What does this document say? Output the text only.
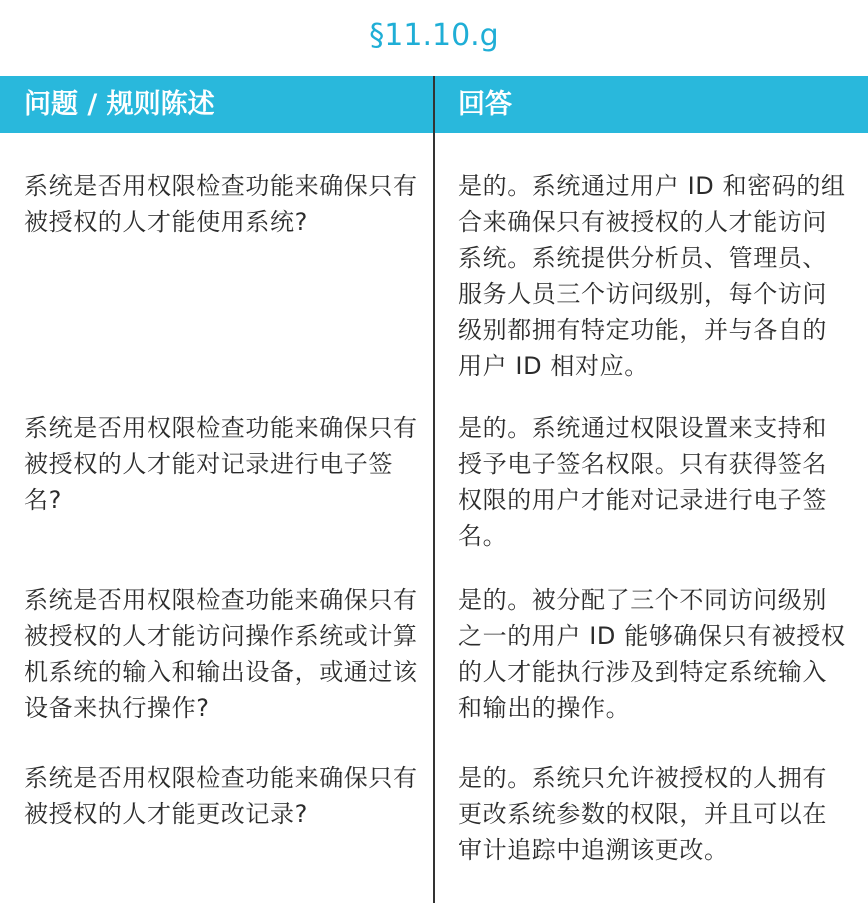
§11.10.g
问题 / 规则陈述	回答
系统是否用权限检查功能来确保只有被授权的人才能使用系统?
是的。系统通过用户 ID 和密码的组合来确保只有被授权的人才能访问系统。系统提供分析员、管理员、服务人员三个访问级别，每个访问级别都拥有特定功能，并与各自的用户 ID 相对应。
系统是否用权限检查功能来确保只有被授权的人才能对记录进行电子签名?
是的。系统通过权限设置来支持和授予电子签名权限。只有获得签名权限的用户才能对记录进行电子签名。
系统是否用权限检查功能来确保只有被授权的人才能访问操作系统或计算机系统的输入和输出设备，或通过该设备来执行操作?
是的。被分配了三个不同访问级别之一的用户 ID 能够确保只有被授权的人才能执行涉及到特定系统输入和输出的操作。
系统是否用权限检查功能来确保只有被授权的人才能更改记录?
是的。系统只允许被授权的人拥有更改系统参数的权限，并且可以在审计追踪中追溯该更改。
